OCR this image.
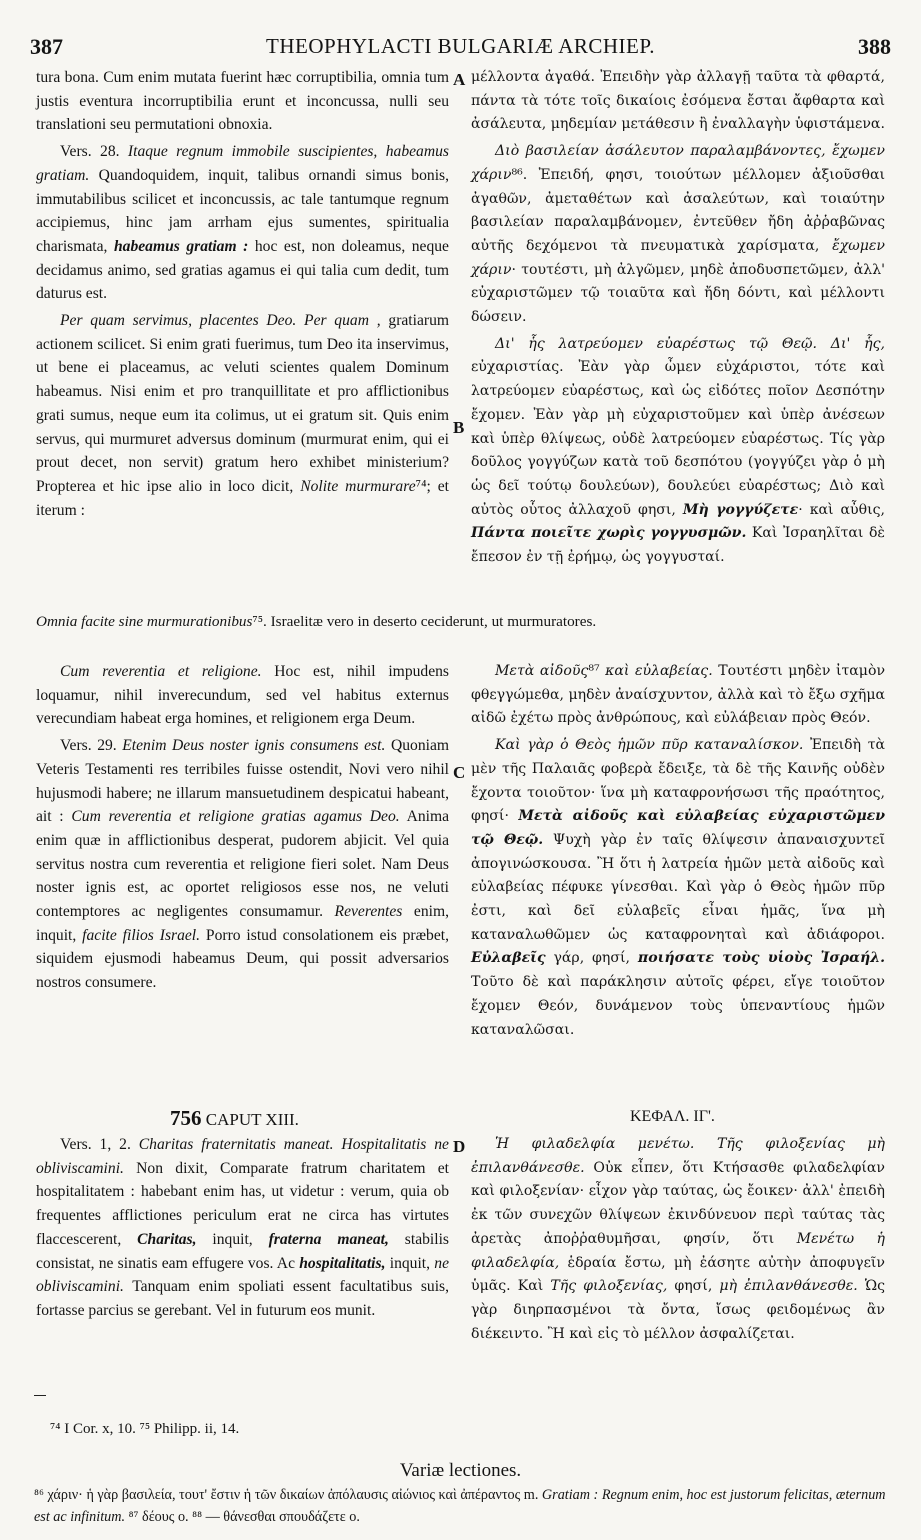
387	THEOPHYLACTI BULGARIÆ ARCHIEP.	388
A
B
C
D

tura bona. Cum enim mutata fuerint hæc corruptibilia, omnia tum justis eventura incorruptibilia erunt et inconcussa, nulli seu translationi seu permutationi obnoxia.

Vers. 28. Itaque regnum immobile suscipientes, habeamus gratiam. Quandoquidem, inquit, talibus ornandi simus bonis, immutabilibus scilicet et inconcussis, ac tale tantumque regnum accipiemus, hinc jam arrham ejus sumentes, spiritualia charismata, habeamus gratiam : hoc est, non doleamus, neque decidamus animo, sed gratias agamus ei qui talia cum dedit, tum daturus est.

Per quam servimus, placentes Deo. Per quam , gratiarum actionem scilicet. Si enim grati fuerimus, tum Deo ita inservimus, ut bene ei placeamus, ac veluti scientes qualem Dominum habeamus. Nisi enim et pro tranquillitate et pro afflictionibus grati sumus, neque eum ita colimus, ut ei gratum sit. Quis enim servus, qui murmuret adversus dominum (murmurat enim, qui ei prout decet, non servit) gratum hero exhibet ministerium? Propterea et hic ipse alio in loco dicit, Nolite murmurare⁷⁴; et iterum :

μέλλοντα ἀγαθά. Ἐπειδὴν γὰρ ἀλλαγῇ ταῦτα τὰ φθαρτά, πάντα τὰ τότε τοῖς δικαίοις ἐσόμενα ἔσται ἄφθαρτα καὶ ἀσάλευτα, μηδεμίαν μετάθεσιν ἢ ἐναλλαγὴν ὑφιστάμενα.

Διὸ βασιλείαν ἀσάλευτον παραλαμβάνοντες, ἔχωμεν χάριν⁸⁶. Ἐπειδή, φησι, τοιούτων μέλλομεν ἀξιοῦσθαι ἀγαθῶν, ἀμεταθέτων καὶ ἀσαλεύτων, καὶ τοιαύτην βασιλείαν παραλαμβάνομεν, ἐντεῦθεν ἤδη ἀῤῥαβῶνας αὐτῆς δεχόμενοι τὰ πνευματικὰ χαρίσματα, ἔχωμεν χάριν· τουτέστι, μὴ ἀλγῶμεν, μηδὲ ἀποδυσπετῶμεν, ἀλλ' εὐχαριστῶμεν τῷ τοιαῦτα καὶ ἤδη δόντι, καὶ μέλλοντι δώσειν.

Δι' ἧς λατρεύομεν εὐαρέστως τῷ Θεῷ. Δι' ἧς, εὐχαριστίας. Ἐὰν γὰρ ὦμεν εὐχάριστοι, τότε καὶ λατρεύομεν εὐαρέστως, καὶ ὡς εἰδότες ποῖον Δεσπότην ἔχομεν. Ἐὰν γὰρ μὴ εὐχαριστοῦμεν καὶ ὑπὲρ ἀνέσεων καὶ ὑπὲρ θλίψεως, οὐδὲ λατρεύομεν εὐαρέστως. Τίς γὰρ δοῦλος γογγύζων κατὰ τοῦ δεσπότου (γογγύζει γὰρ ὁ μὴ ὡς δεῖ τούτῳ δουλεύων), δουλεύει εὐαρέστως; Διὸ καὶ αὐτὸς οὗτος ἀλλαχοῦ φησι, Μὴ γογγύζετε· καὶ αὖθις, Πάντα ποιεῖτε χωρὶς γογγυσμῶν. Καὶ Ἰσραηλῖται δὲ ἔπεσον ἐν τῇ ἐρήμῳ, ὡς γογγυσταί.

Omnia facite sine murmurationibus⁷⁵. Israelitæ vero in deserto ceciderunt, ut murmuratores.

Cum reverentia et religione. Hoc est, nihil impudens loquamur, nihil inverecundum, sed vel habitus externus verecundiam habeat erga homines, et religionem erga Deum.

Vers. 29. Etenim Deus noster ignis consumens est. Quoniam Veteris Testamenti res terribiles fuisse ostendit, Novi vero nihil hujusmodi habere; ne illarum mansuetudinem despicatui habeant, ait : Cum reverentia et religione gratias agamus Deo. Anima enim quæ in afflictionibus desperat, pudorem abjicit. Vel quia servitus nostra cum reverentia et religione fieri solet. Nam Deus noster ignis est, ac oportet religiosos esse nos, ne veluti contemptores ac negligentes consumamur. Reverentes enim, inquit, facite filios Israel. Porro istud consolationem eis præbet, siquidem ejusmodi habeamus Deum, qui possit adversarios nostros consumere.

Μετὰ αἰδοῦς⁸⁷ καὶ εὐλαβείας. Τουτέστι μηδὲν ἰταμὸν φθεγγώμεθα, μηδὲν ἀναίσχυντον, ἀλλὰ καὶ τὸ ἔξω σχῆμα αἰδῶ ἐχέτω πρὸς ἀνθρώπους, καὶ εὐλάβειαν πρὸς Θεόν.

Καὶ γὰρ ὁ Θεὸς ἡμῶν πῦρ καταναλίσκον. Ἐπειδὴ τὰ μὲν τῆς Παλαιᾶς φοβερὰ ἔδειξε, τὰ δὲ τῆς Καινῆς οὐδὲν ἔχοντα τοιοῦτον· ἵνα μὴ καταφρονήσωσι τῆς πραότητος, φησί· Μετὰ αἰδοῦς καὶ εὐλαβείας εὐχαριστῶμεν τῷ Θεῷ. Ψυχὴ γὰρ ἐν ταῖς θλίψεσιν ἀπαναισχυντεῖ ἀπογινώσκουσα. Ἢ ὅτι ἡ λατρεία ἡμῶν μετὰ αἰδοῦς καὶ εὐλαβείας πέφυκε γίνεσθαι. Καὶ γὰρ ὁ Θεὸς ἡμῶν πῦρ ἐστι, καὶ δεῖ εὐλαβεῖς εἶναι ἡμᾶς, ἵνα μὴ καταναλωθῶμεν ὡς καταφρονηταὶ καὶ ἀδιάφοροι. Εὐλαβεῖς γάρ, φησί, ποιήσατε τοὺς υἱοὺς Ἰσραήλ. Τοῦτο δὲ καὶ παράκλησιν αὐτοῖς φέρει, εἴγε τοιοῦτον ἔχομεν Θεόν, δυνάμενον τοὺς ὑπεναντίους ἡμῶν καταναλῶσαι.

756 CAPUT XIII.	ΚΕΦΑΛ. ΙΓ'.

Vers. 1, 2. Charitas fraternitatis maneat. Hospitalitatis ne obliviscamini. Non dixit, Comparate fratrum charitatem et hospitalitatem : habebant enim has, ut videtur : verum, quia ob frequentes afflictiones periculum erat ne circa has virtutes flaccescerent, Charitas, inquit, fraterna maneat, stabilis consistat, ne sinatis eam effugere vos. Ac hospitalitatis, inquit, ne obliviscamini. Tanquam enim spoliati essent facultatibus suis, fortasse parcius se gerebant. Vel in futurum eos munit.

Ἡ φιλαδελφία μενέτω. Τῆς φιλοξενίας μὴ ἐπιλανθάνεσθε. Οὐκ εἶπεν, ὅτι Κτήσασθε φιλαδελφίαν καὶ φιλοξενίαν· εἶχον γὰρ ταύτας, ὡς ἔοικεν· ἀλλ' ἐπειδὴ ἐκ τῶν συνεχῶν θλίψεων ἐκινδύνευον περὶ ταύτας τὰς ἀρετὰς ἀποῤῥαθυμῆσαι, φησίν, ὅτι Μενέτω ἡ φιλαδελφία, ἑδραία ἔστω, μὴ ἐάσητε αὐτὴν ἀποφυγεῖν ὑμᾶς. Καὶ Τῆς φιλοξενίας, φησί, μὴ ἐπιλανθάνεσθε. Ὡς γὰρ διηρπασμένοι τὰ ὄντα, ἴσως φειδομένως ἂν διέκειντο. Ἢ καὶ εἰς τὸ μέλλον ἀσφαλίζεται.

⁷⁴ I Cor. x, 10. ⁷⁵ Philipp. ii, 14.
Variæ lectiones.
⁸⁶ χάριν· ἡ γὰρ βασιλεία, τουτ' ἔστιν ἡ τῶν δικαίων ἀπόλαυσις αἰώνιος καὶ ἀπέραντος m. Gratiam : Regnum enim, hoc est justorum felicitas, æternum est ac infinitum. ⁸⁷ δέους o. ⁸⁸ — θάνεσθαι σπουδάζετε o.
